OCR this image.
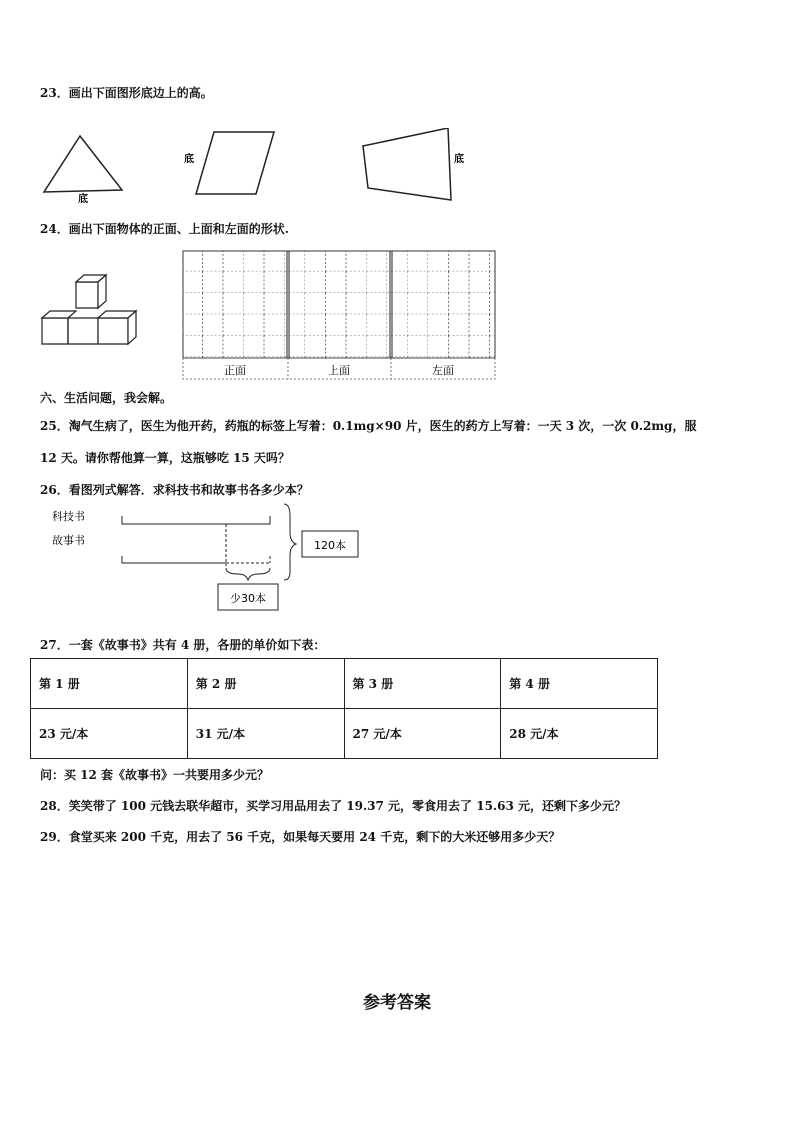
23．画出下面图形底边上的高。
底
底	底
24．画出下面物体的正面、上面和左面的形状.
正面	上面	左面
六、生活问题，我会解。
25．淘气生病了，医生为他开药，药瓶的标签上写着：0.1mg×90 片，医生的药方上写着：一天 3 次，一次 0.2mg，服
12 天。请你帮他算一算，这瓶够吃 15 天吗？
26．看图列式解答．求科技书和故事书各多少本？
科技书
故事书	120本
少30本
27．一套《故事书》共有 4 册，各册的单价如下表：
第 1 册	第 2 册	第 3 册	第 4 册
23 元/本	31 元/本	27 元/本	28 元/本
问：买 12 套《故事书》一共要用多少元？
28．笑笑带了 100 元钱去联华超市，买学习用品用去了 19.37 元，零食用去了 15.63 元，还剩下多少元？
29．食堂买来 200 千克，用去了 56 千克，如果每天要用 24 千克，剩下的大米还够用多少天？
参考答案
